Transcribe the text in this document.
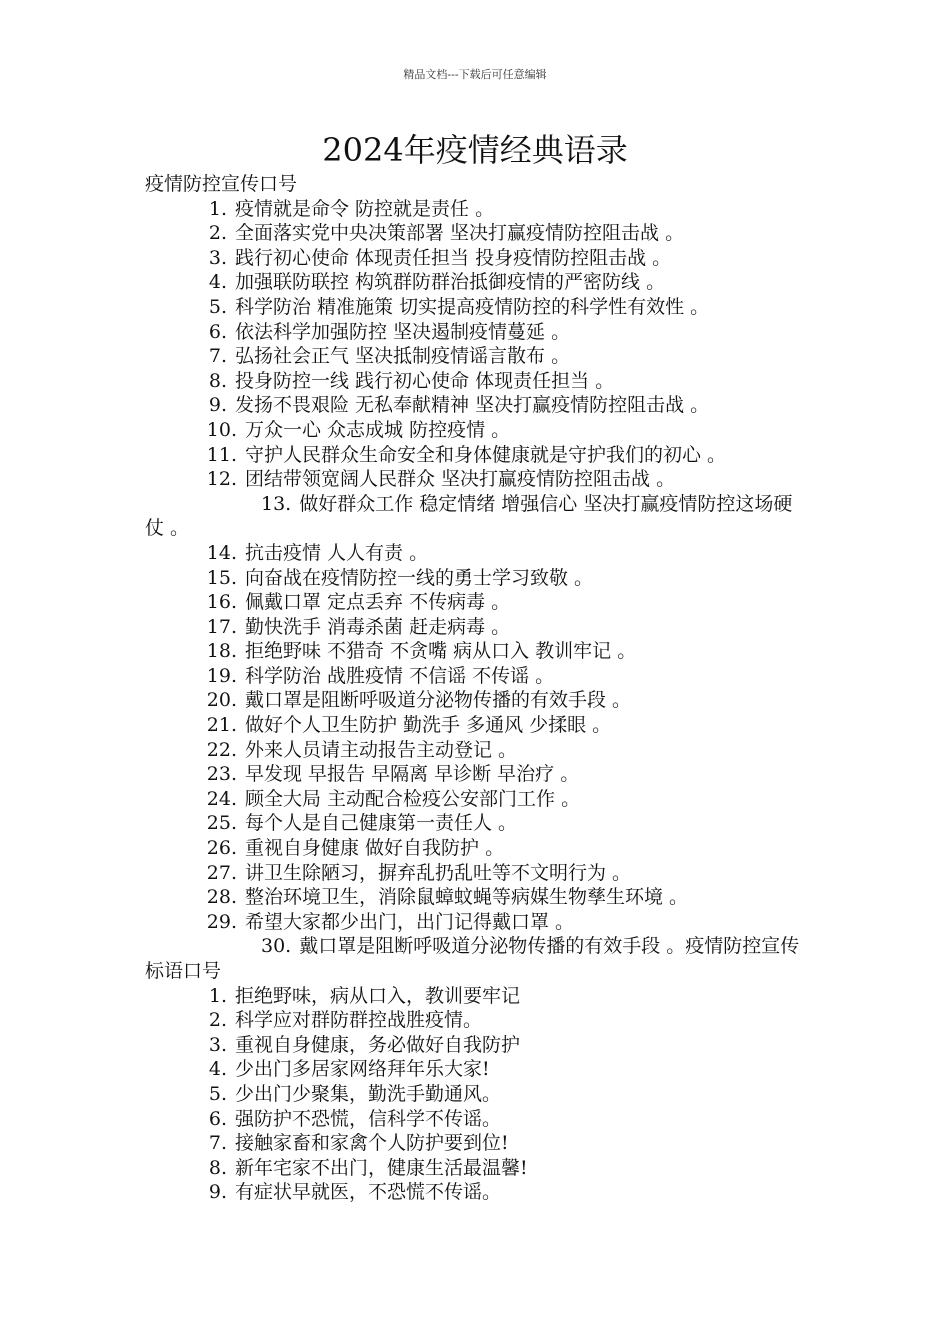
精品文档---下载后可任意编辑
2024年疫情经典语录
疫情防控宣传口号
1. 疫情就是命令 防控就是责任 。
2. 全面落实党中央决策部署 坚决打赢疫情防控阻击战 。
3. 践行初心使命 体现责任担当 投身疫情防控阻击战 。
4. 加强联防联控 构筑群防群治抵御疫情的严密防线 。
5. 科学防治 精准施策 切实提高疫情防控的科学性有效性 。
6. 依法科学加强防控 坚决遏制疫情蔓延 。
7. 弘扬社会正气 坚决抵制疫情谣言散布 。
8. 投身防控一线 践行初心使命 体现责任担当 。
9. 发扬不畏艰险 无私奉献精神 坚决打赢疫情防控阻击战 。
10. 万众一心 众志成城 防控疫情 。
11. 守护人民群众生命安全和身体健康就是守护我们的初心 。
12. 团结带领宽阔人民群众 坚决打赢疫情防控阻击战 。
13. 做好群众工作 稳定情绪 增强信心 坚决打赢疫情防控这场硬仗 。
14. 抗击疫情 人人有责 。
15. 向奋战在疫情防控一线的勇士学习致敬 。
16. 佩戴口罩 定点丢弃 不传病毒 。
17. 勤快洗手 消毒杀菌 赶走病毒 。
18. 拒绝野味 不猎奇 不贪嘴 病从口入 教训牢记 。
19. 科学防治 战胜疫情 不信谣 不传谣 。
20. 戴口罩是阻断呼吸道分泌物传播的有效手段 。
21. 做好个人卫生防护 勤洗手 多通风 少揉眼 。
22. 外来人员请主动报告主动登记 。
23. 早发现 早报告 早隔离 早诊断 早治疗 。
24. 顾全大局 主动配合检疫公安部门工作 。
25. 每个人是自己健康第一责任人 。
26. 重视自身健康 做好自我防护 。
27. 讲卫生除陋习，摒弃乱扔乱吐等不文明行为 。
28. 整治环境卫生，消除鼠蟑蚊蝇等病媒生物孳生环境 。
29. 希望大家都少出门，出门记得戴口罩 。
30. 戴口罩是阻断呼吸道分泌物传播的有效手段 。疫情防控宣传标语口号
1. 拒绝野味，病从口入，教训要牢记
2. 科学应对群防群控战胜疫情。
3. 重视自身健康，务必做好自我防护
4. 少出门多居家网络拜年乐大家!
5. 少出门少聚集，勤洗手勤通风。
6. 强防护不恐慌，信科学不传谣。
7. 接触家畜和家禽个人防护要到位!
8. 新年宅家不出门，健康生活最温馨!
9. 有症状早就医，不恐慌不传谣。
